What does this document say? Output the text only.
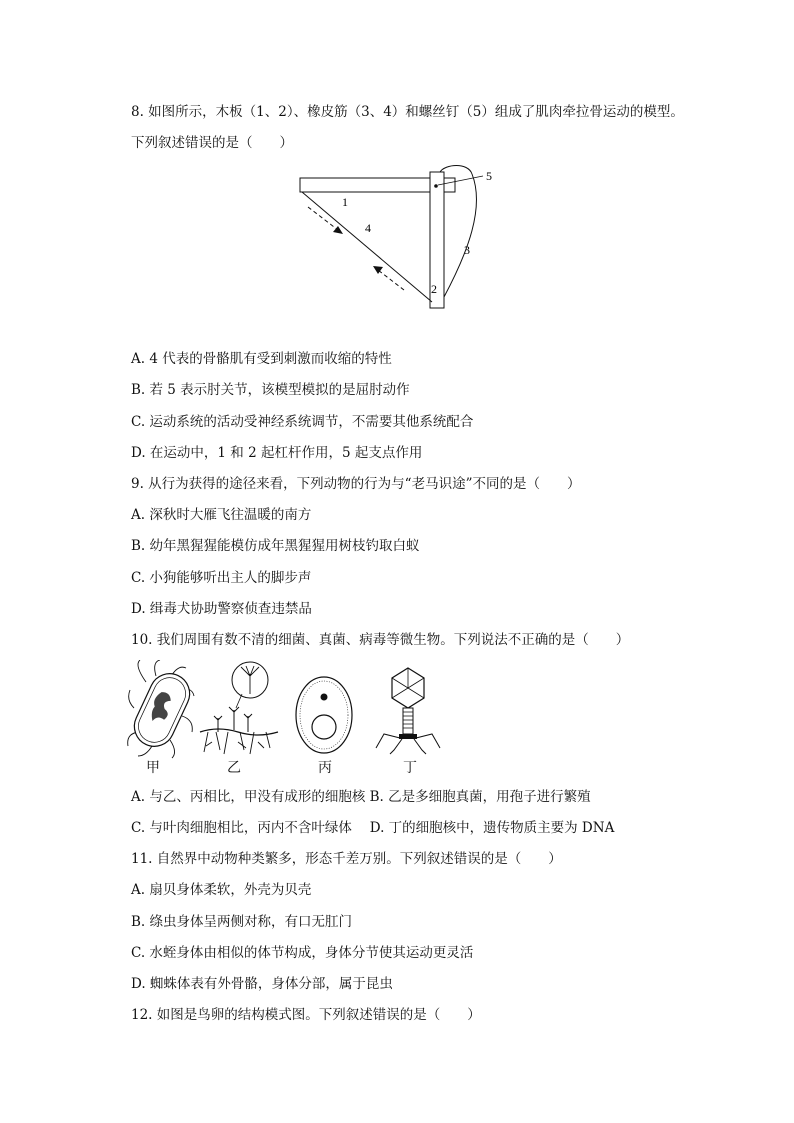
8. 如图所示，木板（1、2）、橡皮筋（3、4）和螺丝钉（5）组成了肌肉牵拉骨运动的模型。
下列叙述错误的是（　　）
1
4
3
2
5
A. 4 代表的骨骼肌有受到刺激而收缩的特性
B. 若 5 表示肘关节，该模型模拟的是屈肘动作
C. 运动系统的活动受神经系统调节，不需要其他系统配合
D. 在运动中，1 和 2 起杠杆作用，5 起支点作用
9. 从行为获得的途径来看，下列动物的行为与“老马识途”不同的是（　　）
A. 深秋时大雁飞往温暖的南方
B. 幼年黑猩猩能模仿成年黑猩猩用树枝钓取白蚁
C. 小狗能够听出主人的脚步声
D. 缉毒犬协助警察侦查违禁品
10. 我们周围有数不清的细菌、真菌、病毒等微生物。下列说法不正确的是（　　）
甲	乙	丙	丁
A. 与乙、丙相比，甲没有成形的细胞核 B. 乙是多细胞真菌，用孢子进行繁殖
C. 与叶肉细胞相比，丙内不含叶绿体　 D. 丁的细胞核中，遗传物质主要为 DNA
11. 自然界中动物种类繁多，形态千差万别。下列叙述错误的是（　　）
A. 扇贝身体柔软，外壳为贝壳
B. 绦虫身体呈两侧对称，有口无肛门
C. 水蛭身体由相似的体节构成，身体分节使其运动更灵活
D. 蜘蛛体表有外骨骼，身体分部，属于昆虫
12. 如图是鸟卵的结构模式图。下列叙述错误的是（　　）
